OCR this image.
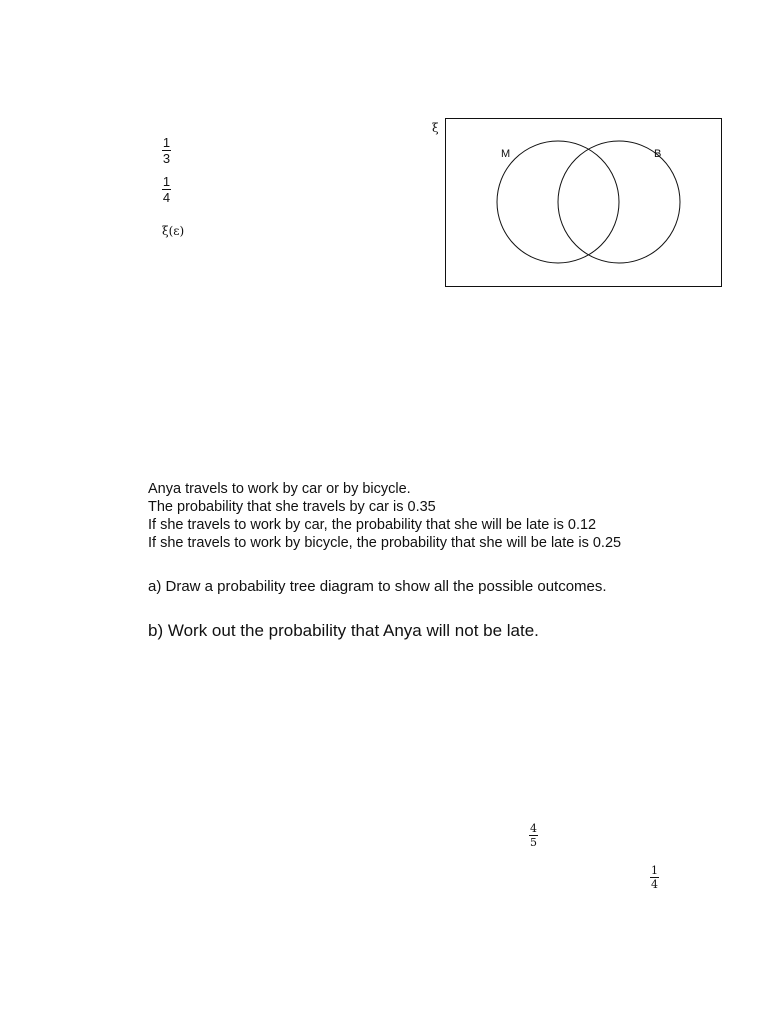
1
3
1
4
ξ(ε)
ξ
M	B
Anya travels to work by car or by bicycle.
The probability that she travels by car is 0.35
If she travels to work by car, the probability that she will be late is 0.12
If she travels to work by bicycle, the probability that she will be late is 0.25
a) Draw a probability tree diagram to show all the possible outcomes.
b) Work out the probability that Anya will not be late.
4
5
1
4
